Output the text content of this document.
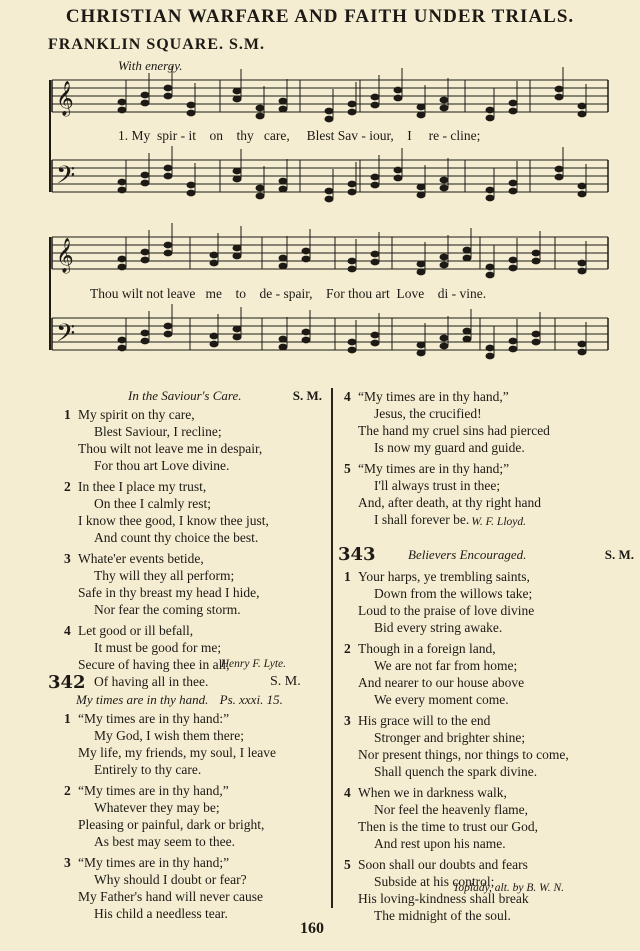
CHRISTIAN WARFARE AND FAITH UNDER TRIALS.
FRANKLIN SQUARE. S.M.
With energy.
𝄞
𝄢
𝄞
𝄢
1. My  spir - it    on    thy   care,     Blest Sav - iour,    I     re - cline;
Thou wilt not leave   me    to    de - spair,    For thou art  Love    di - vine.
In the Saviour's Care.	S. M.
1 My spirit on thy care,
Blest Saviour, I recline;
Thou wilt not leave me in despair,
For thou art Love divine.
2 In thee I place my trust,
On thee I calmly rest;
I know thee good, I know thee just,
And count thy choice the best.
3 Whate'er events betide,
Thy will they all perform;
Safe in thy breast my head I hide,
Nor fear the coming storm.
4 Let good or ill befall,
It must be good for me;
Secure of having thee in all,
Of having all in thee.
Henry F. Lyte.
342	S. M.
My times are in thy hand. Ps. xxxi. 15.
1 “My times are in thy hand:”
My God, I wish them there;
My life, my friends, my soul, I leave
Entirely to thy care.
2 “My times are in thy hand,”
Whatever they may be;
Pleasing or painful, dark or bright,
As best may seem to thee.
3 “My times are in thy hand;”
Why should I doubt or fear?
My Father's hand will never cause
His child a needless tear.
4 “My times are in thy hand,”
Jesus, the crucified!
The hand my cruel sins had pierced
Is now my guard and guide.
5 “My times are in thy hand;”
I'll always trust in thee;
And, after death, at thy right hand
I shall forever be. W. F. Lloyd.
343 Believers Encouraged.	S. M.
1 Your harps, ye trembling saints,
Down from the willows take;
Loud to the praise of love divine
Bid every string awake.
2 Though in a foreign land,
We are not far from home;
And nearer to our house above
We every moment come.
3 His grace will to the end
Stronger and brighter shine;
Nor present things, nor things to come,
Shall quench the spark divine.
4 When we in darkness walk,
Nor feel the heavenly flame,
Then is the time to trust our God,
And rest upon his name.
5 Soon shall our doubts and fears
Subside at his control;
His loving-kindness shall break
The midnight of the soul.
Toplady, alt. by B. W. N.
160
